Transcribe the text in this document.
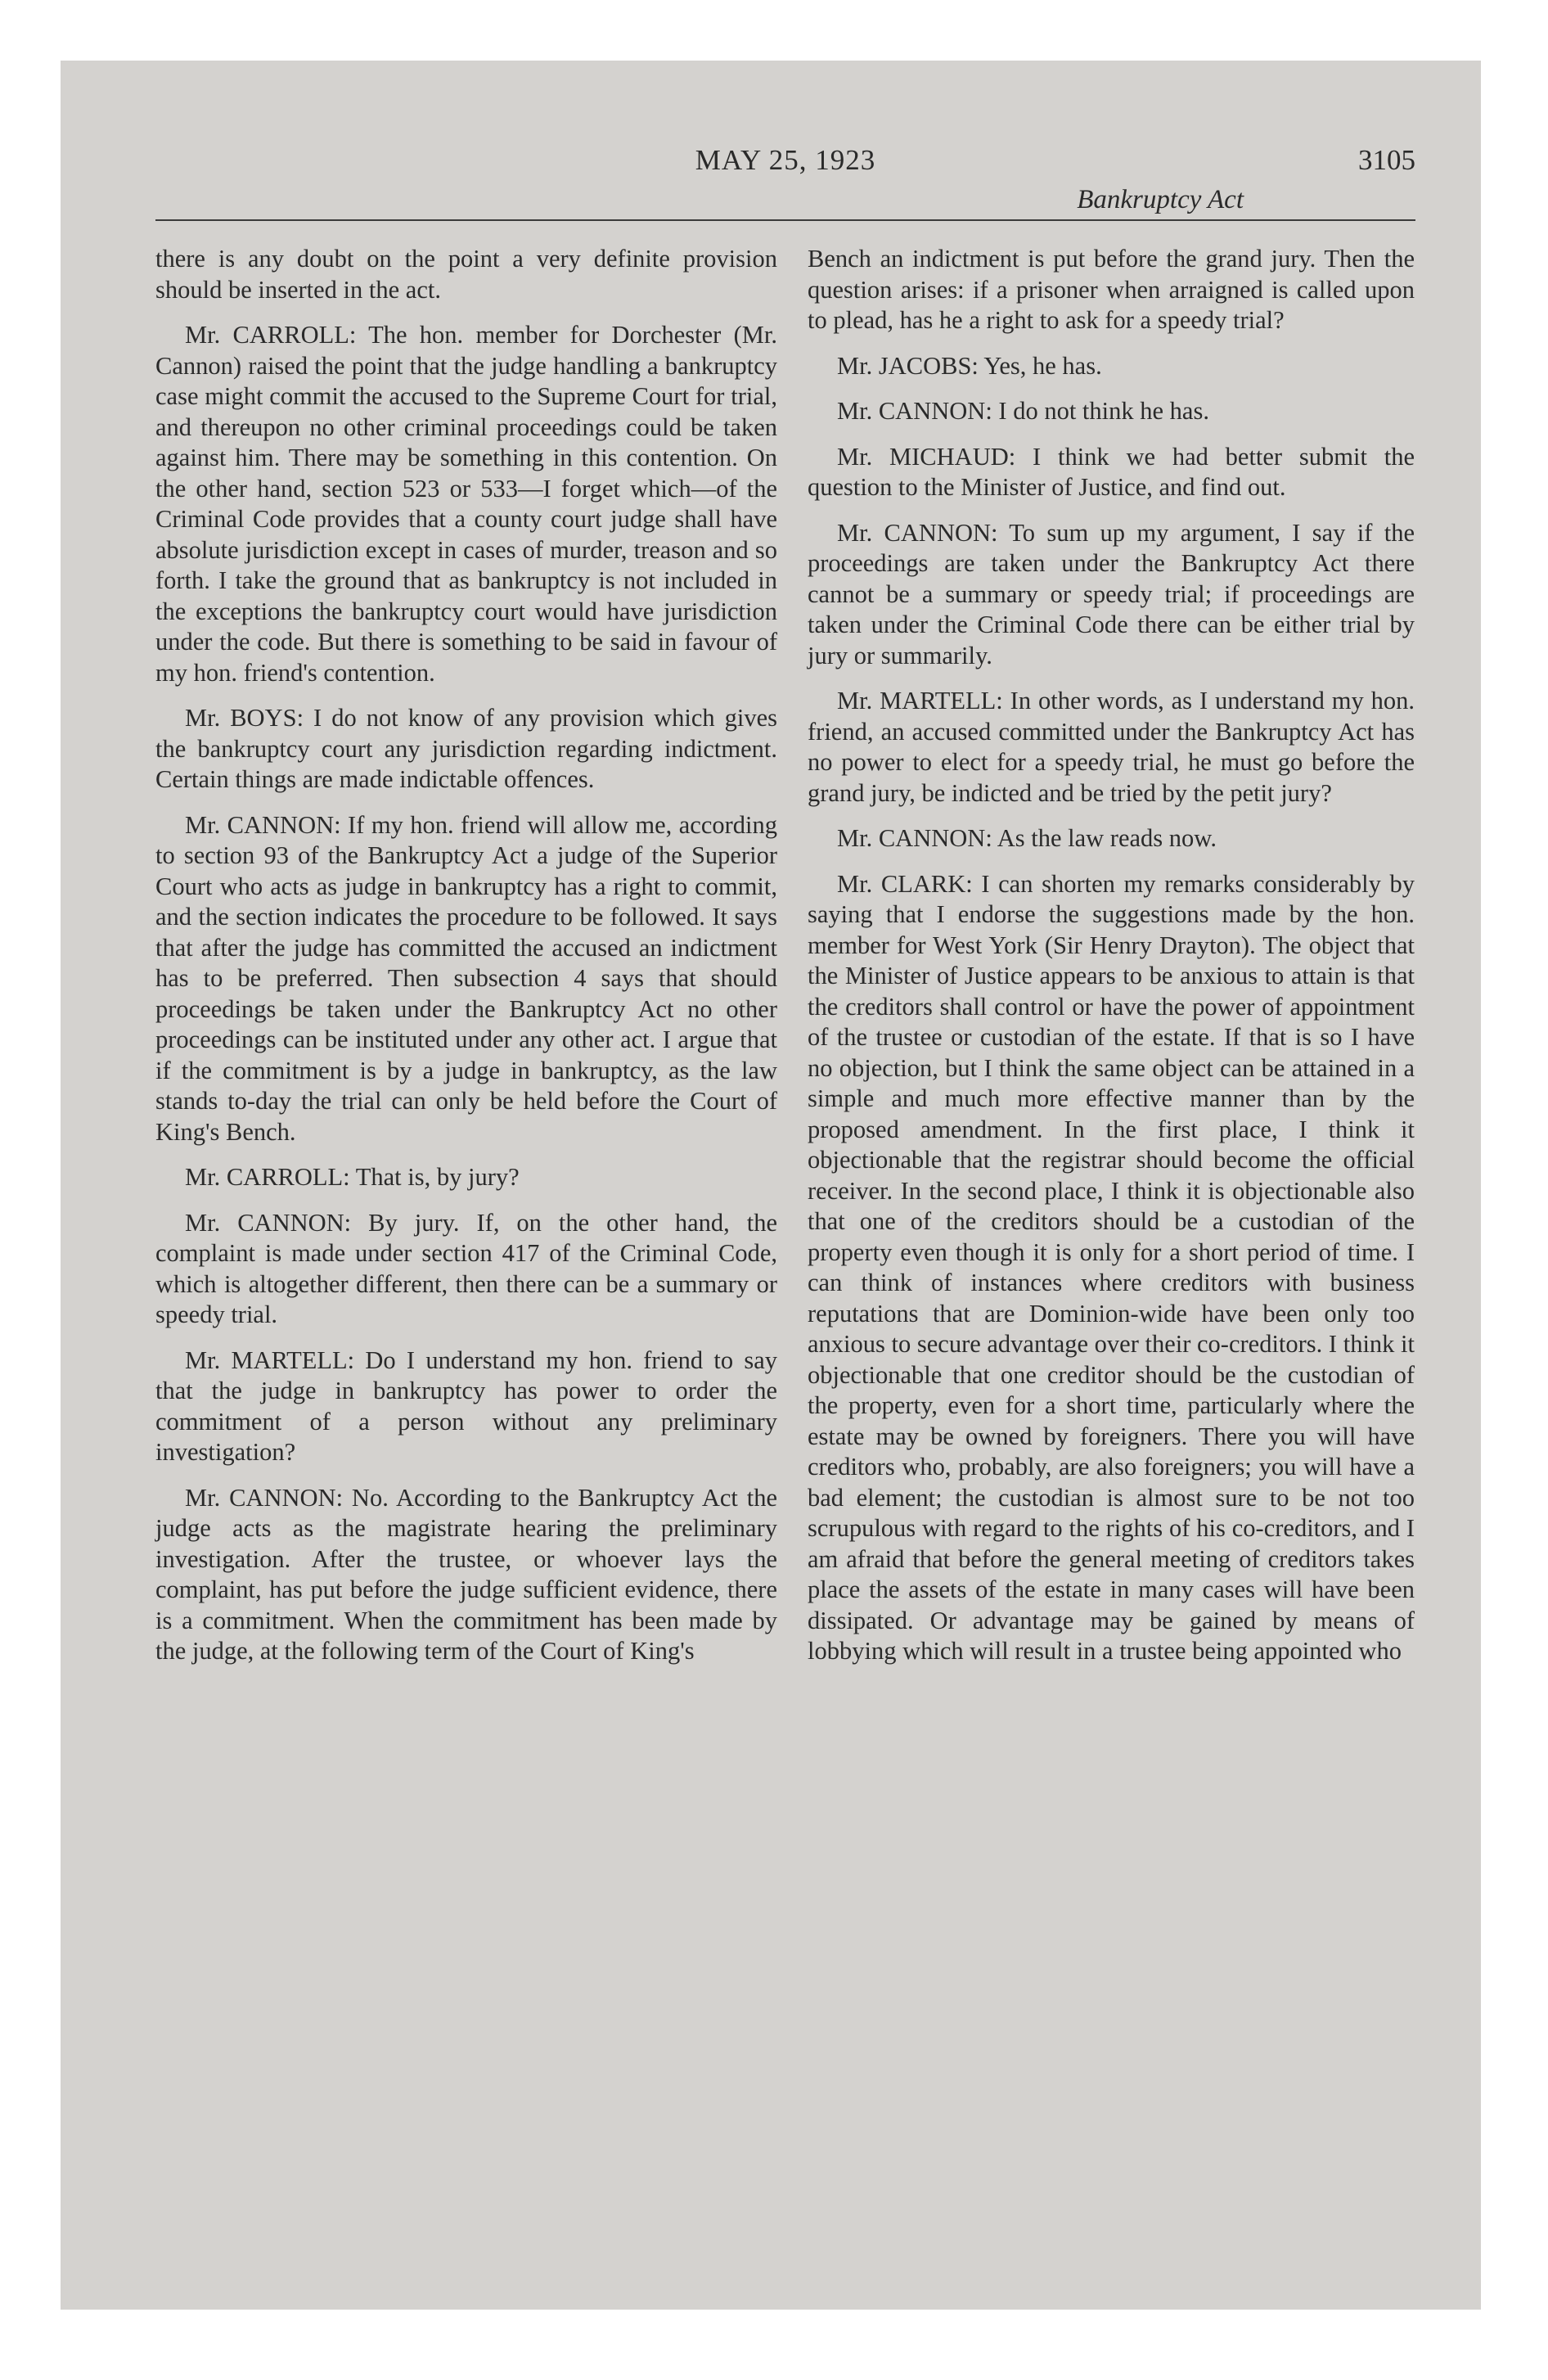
MAY 25, 1923	3105
Bankruptcy Act

there is any doubt on the point a very definite provision should be inserted in the act.

Mr. CARROLL: The hon. member for Dorchester (Mr. Cannon) raised the point that the judge handling a bankruptcy case might commit the accused to the Supreme Court for trial, and thereupon no other criminal proceedings could be taken against him. There may be something in this contention. On the other hand, section 523 or 533—I forget which—of the Criminal Code provides that a county court judge shall have absolute jurisdiction except in cases of murder, treason and so forth. I take the ground that as bankruptcy is not included in the exceptions the bankruptcy court would have jurisdiction under the code. But there is something to be said in favour of my hon. friend's contention.

Mr. BOYS: I do not know of any provision which gives the bankruptcy court any jurisdiction regarding indictment. Certain things are made indictable offences.

Mr. CANNON: If my hon. friend will allow me, according to section 93 of the Bankruptcy Act a judge of the Superior Court who acts as judge in bankruptcy has a right to commit, and the section indicates the procedure to be followed. It says that after the judge has committed the accused an indictment has to be preferred. Then subsection 4 says that should proceedings be taken under the Bankruptcy Act no other proceedings can be instituted under any other act. I argue that if the commitment is by a judge in bankruptcy, as the law stands to-day the trial can only be held before the Court of King's Bench.

Mr. CARROLL: That is, by jury?

Mr. CANNON: By jury. If, on the other hand, the complaint is made under section 417 of the Criminal Code, which is altogether different, then there can be a summary or speedy trial.

Mr. MARTELL: Do I understand my hon. friend to say that the judge in bankruptcy has power to order the commitment of a person without any preliminary investigation?

Mr. CANNON: No. According to the Bankruptcy Act the judge acts as the magistrate hearing the preliminary investigation. After the trustee, or whoever lays the complaint, has put before the judge sufficient evidence, there is a commitment. When the commitment has been made by the judge, at the following term of the Court of King's

Bench an indictment is put before the grand jury. Then the question arises: if a prisoner when arraigned is called upon to plead, has he a right to ask for a speedy trial?

Mr. JACOBS: Yes, he has.

Mr. CANNON: I do not think he has.

Mr. MICHAUD: I think we had better submit the question to the Minister of Justice, and find out.

Mr. CANNON: To sum up my argument, I say if the proceedings are taken under the Bankruptcy Act there cannot be a summary or speedy trial; if proceedings are taken under the Criminal Code there can be either trial by jury or summarily.

Mr. MARTELL: In other words, as I understand my hon. friend, an accused committed under the Bankruptcy Act has no power to elect for a speedy trial, he must go before the grand jury, be indicted and be tried by the petit jury?

Mr. CANNON: As the law reads now.

Mr. CLARK: I can shorten my remarks considerably by saying that I endorse the suggestions made by the hon. member for West York (Sir Henry Drayton). The object that the Minister of Justice appears to be anxious to attain is that the creditors shall control or have the power of appointment of the trustee or custodian of the estate. If that is so I have no objection, but I think the same object can be attained in a simple and much more effective manner than by the proposed amendment. In the first place, I think it objectionable that the registrar should become the official receiver. In the second place, I think it is objectionable also that one of the creditors should be a custodian of the property even though it is only for a short period of time. I can think of instances where creditors with business reputations that are Dominion-wide have been only too anxious to secure advantage over their co-creditors. I think it objectionable that one creditor should be the custodian of the property, even for a short time, particularly where the estate may be owned by foreigners. There you will have creditors who, probably, are also foreigners; you will have a bad element; the custodian is almost sure to be not too scrupulous with regard to the rights of his co-creditors, and I am afraid that before the general meeting of creditors takes place the assets of the estate in many cases will have been dissipated. Or advantage may be gained by means of lobbying which will result in a trustee being appointed who
